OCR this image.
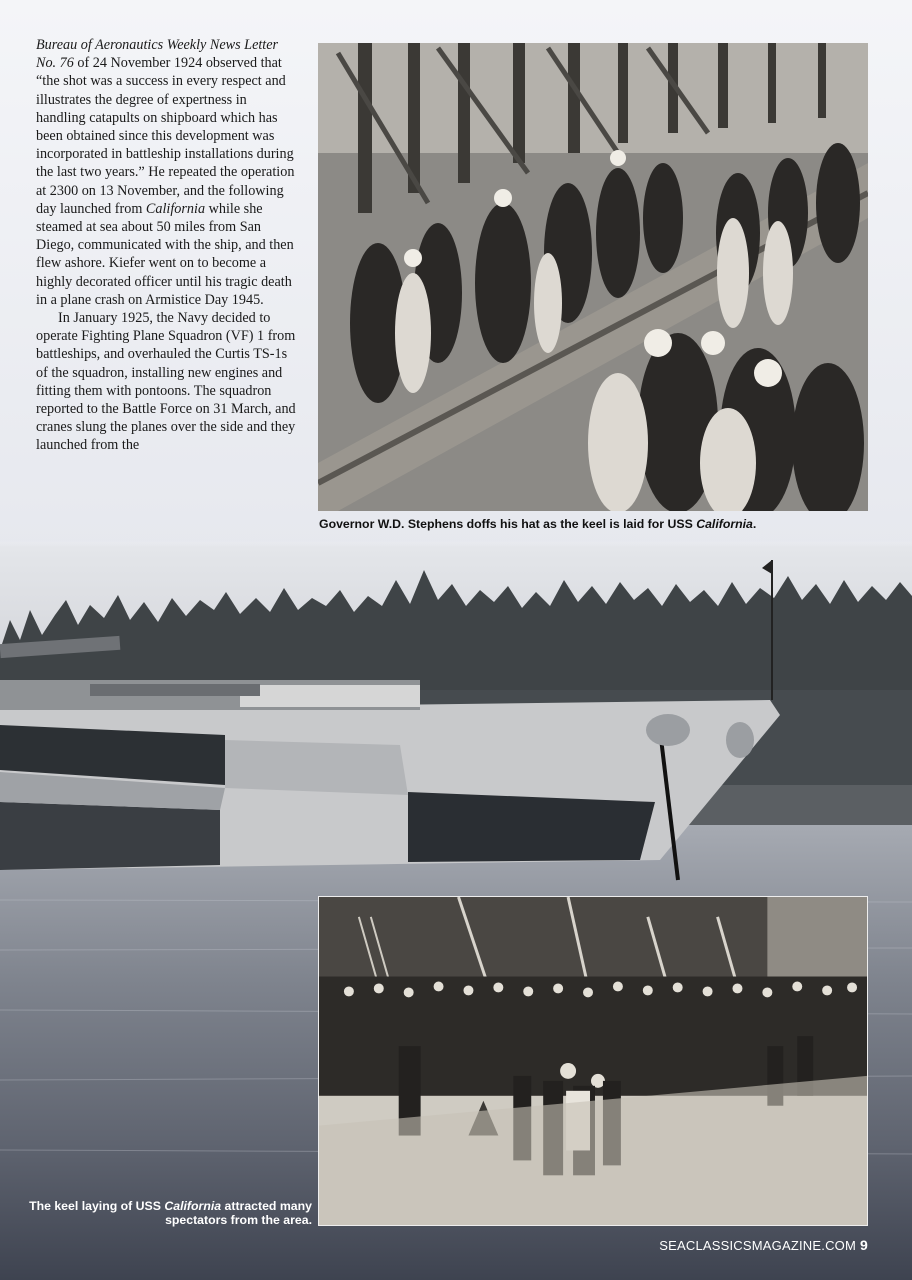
Bureau of Aeronautics Weekly News Letter No. 76 of 24 November 1924 observed that “the shot was a success in every respect and illustrates the degree of expertness in handling catapults on shipboard which has been obtained since this development was incorporated in battleship installations during the last two years.” He repeated the operation at 2300 on 13 November, and the following day launched from California while she steamed at sea about 50 miles from San Diego, communicated with the ship, and then flew ashore. Kiefer went on to become a highly decorated officer until his tragic death in a plane crash on Armistice Day 1945.

In January 1925, the Navy decided to operate Fighting Plane Squadron (VF) 1 from battleships, and overhauled the Curtis TS-1s of the squadron, installing new engines and fitting them with pontoons. The squadron reported to the Battle Force on 31 March, and cranes slung the planes over the side and they launched from the

Governor W.D. Stephens doffs his hat as the keel is laid for USS California.
The keel laying of USS California attracted many spectators from the area.
SEACLASSICSMAGAZINE.COM 9
